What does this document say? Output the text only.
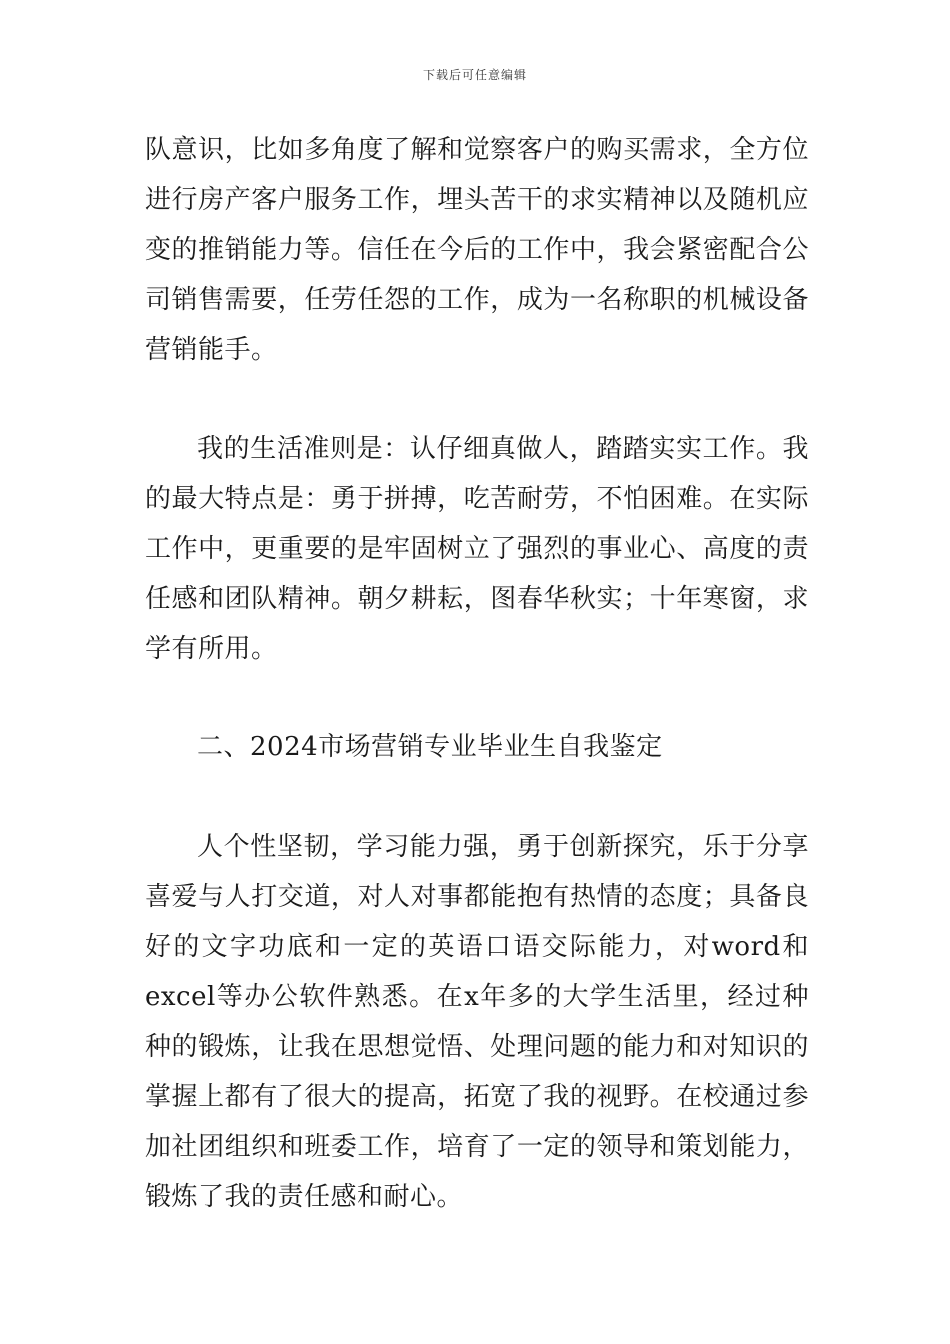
下载后可任意编辑

队意识，比如多角度了解和觉察客户的购买需求，全方位进行房产客户服务工作，埋头苦干的求实精神以及随机应变的推销能力等。信任在今后的工作中，我会紧密配合公司销售需要，任劳任怨的工作，成为一名称职的机械设备营销能手。

我的生活准则是：认仔细真做人，踏踏实实工作。我的最大特点是：勇于拼搏，吃苦耐劳，不怕困难。在实际工作中，更重要的是牢固树立了强烈的事业心、高度的责任感和团队精神。朝夕耕耘，图春华秋实；十年寒窗，求学有所用。

二、2024市场营销专业毕业生自我鉴定

人个性坚韧，学习能力强，勇于创新探究，乐于分享喜爱与人打交道，对人对事都能抱有热情的态度；具备良好的文字功底和一定的英语口语交际能力，对word和excel等办公软件熟悉。在x年多的大学生活里，经过种种的锻炼，让我在思想觉悟、处理问题的能力和对知识的掌握上都有了很大的提高，拓宽了我的视野。在校通过参加社团组织和班委工作，培育了一定的领导和策划能力，锻炼了我的责任感和耐心。
